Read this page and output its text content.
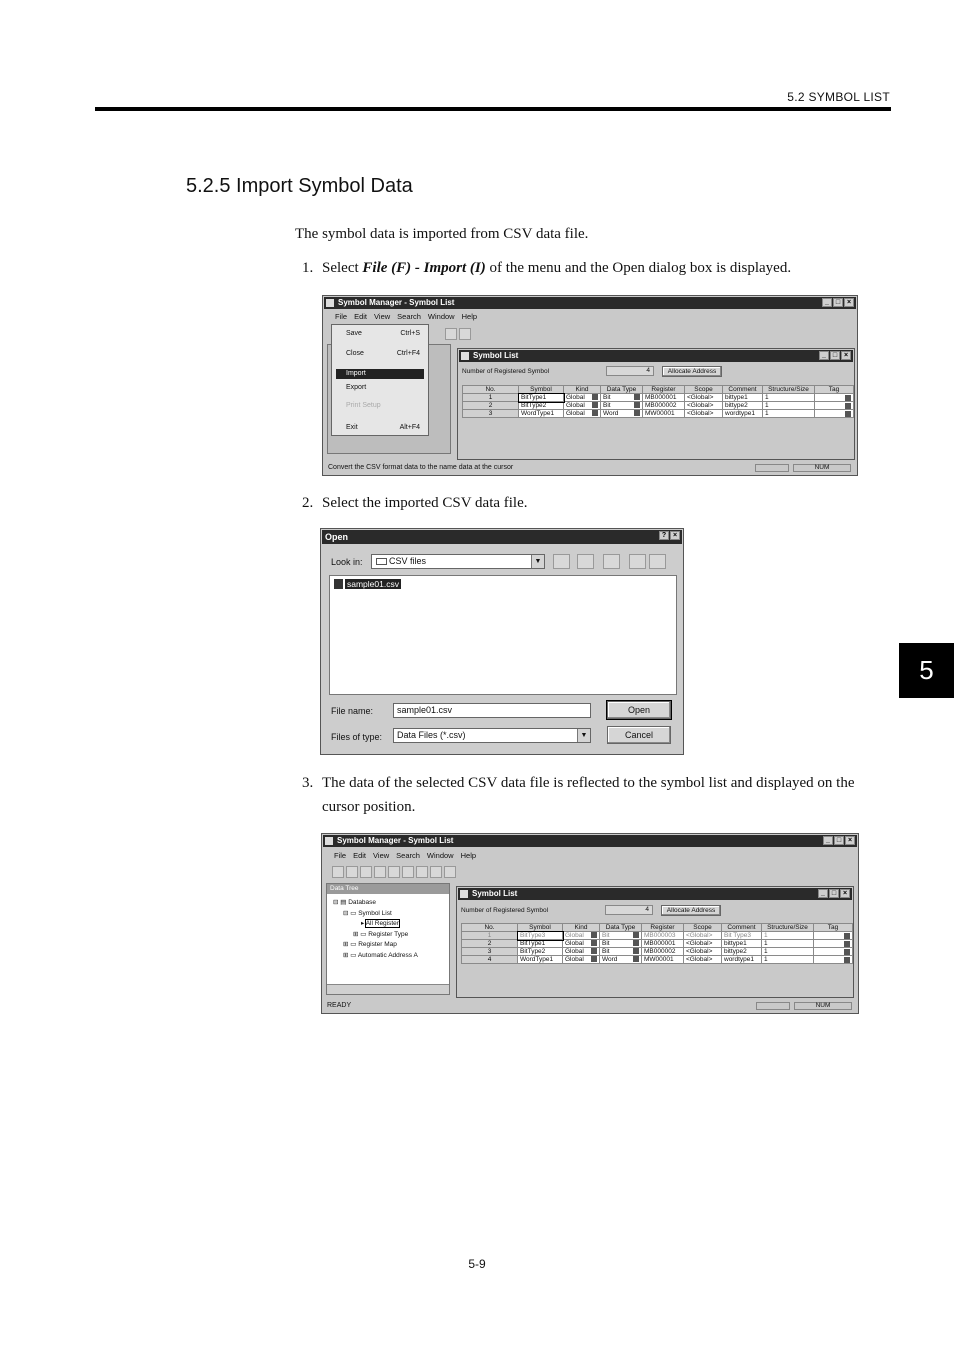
5.2 SYMBOL LIST
5.2.5 Import Symbol Data
The symbol data is imported from CSV data file.
1. Select File (F) - Import (I) of the menu and the Open dialog box is displayed.
Symbol Manager - Symbol List	_ □ ×
File Edit View Search Window Help
Save	Ctrl+S
Close	Ctrl+F4
Import
Export
Print Setup
Exit	Alt+F4
Symbol List	_ □ ×
Number of Registered Symbol	4	Allocate Address
No.	Symbol	Kind	Data Type	Register	Scope	Comment	Structure/Size	Tag
1	BitType1	Global	Bit	MB000001	<Global>	bittype1	1	

2	BitType2	Global	Bit	MB000002	<Global>	bittype2	1	

3	WordType1	Global	Word	MW00001	<Global>	wordtype1	1	
Convert the CSV format data to the name data at the cursor	NUM
2. Select the imported CSV data file.
Open	? ×
Look in:	CSV files	▼
sample01.csv
File name:	sample01.csv
Files of type:	Data Files (*.csv)	▼
Open
Cancel
3. The data of the selected CSV data file is reflected to the symbol list and displayed on the
cursor position.
Symbol Manager - Symbol List	_ □ ×
File Edit View Search Window Help
Data Tree
⊟ ▤ Database
⊟ ▭ Symbol List
▸ All Register
⊞ ▭ Register Type
⊞ ▭ Register Map
⊞ ▭ Automatic Address A
Symbol List	_ □ ×
Number of Registered Symbol	4	Allocate Address
No.	Symbol	Kind	Data Type	Register	Scope	Comment	Structure/Size	Tag
1	BitType3	Global	Bit	MB000003	<Global>	Bit Type3	1	

2	BitType1	Global	Bit	MB000001	<Global>	bittype1	1	

3	BitType2	Global	Bit	MB000002	<Global>	bittype2	1	

4	WordType1	Global	Word	MW00001	<Global>	wordtype1	1	
READY	NUM
5
5-9
